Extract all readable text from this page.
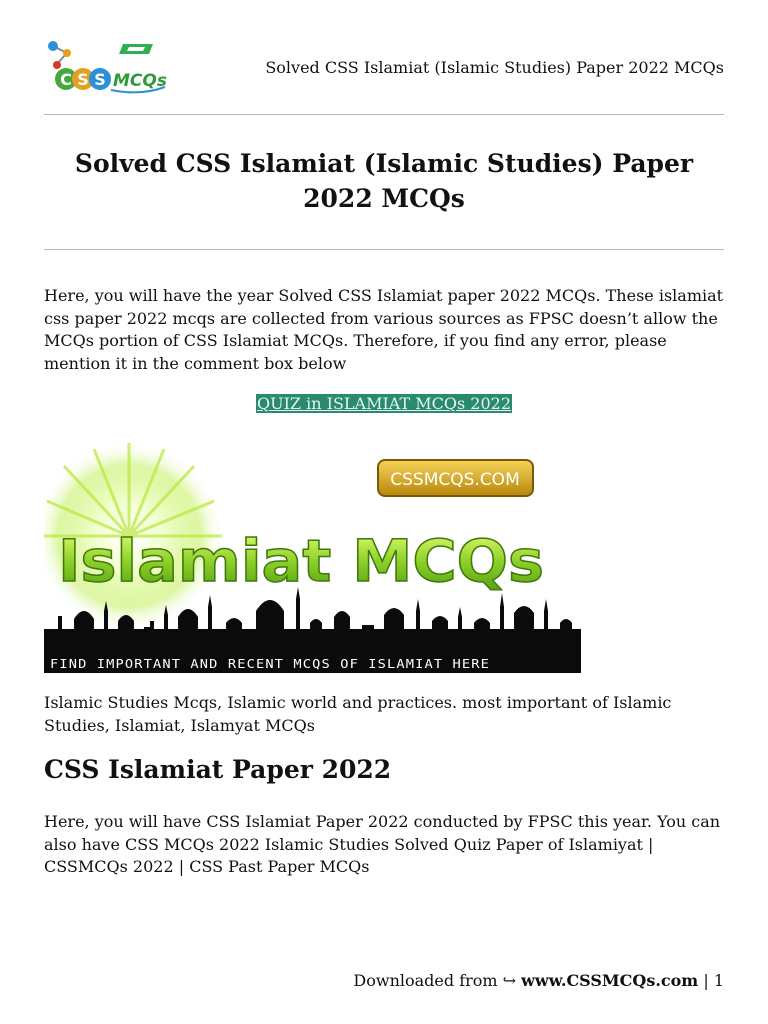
C S S MCQs
Solved CSS Islamiat (Islamic Studies) Paper 2022 MCQs
Solved CSS Islamiat (Islamic Studies) Paper 2022 MCQs

Here, you will have the year Solved CSS Islamiat paper 2022 MCQs. These islamiat css paper 2022 mcqs are collected from various sources as FPSC doesn’t allow the MCQs portion of CSS Islamiat MCQs. Therefore, if you find any error, please mention it in the comment box below

QUIZ in ISLAMIAT MCQs 2022
CSSMCQS.COM
Islamiat MCQs
FIND IMPORTANT AND RECENT MCQS OF ISLAMIAT HERE

Islamic Studies Mcqs, Islamic world and practices. most important of Islamic Studies, Islamiat, Islamyat MCQs

CSS Islamiat Paper 2022

Here, you will have CSS Islamiat Paper 2022 conducted by FPSC this year. You can also have CSS MCQs 2022 Islamic Studies Solved Quiz Paper of Islamiyat | CSSMCQs 2022 | CSS Past Paper MCQs

Downloaded from ↪ www.CSSMCQs.com | 1
